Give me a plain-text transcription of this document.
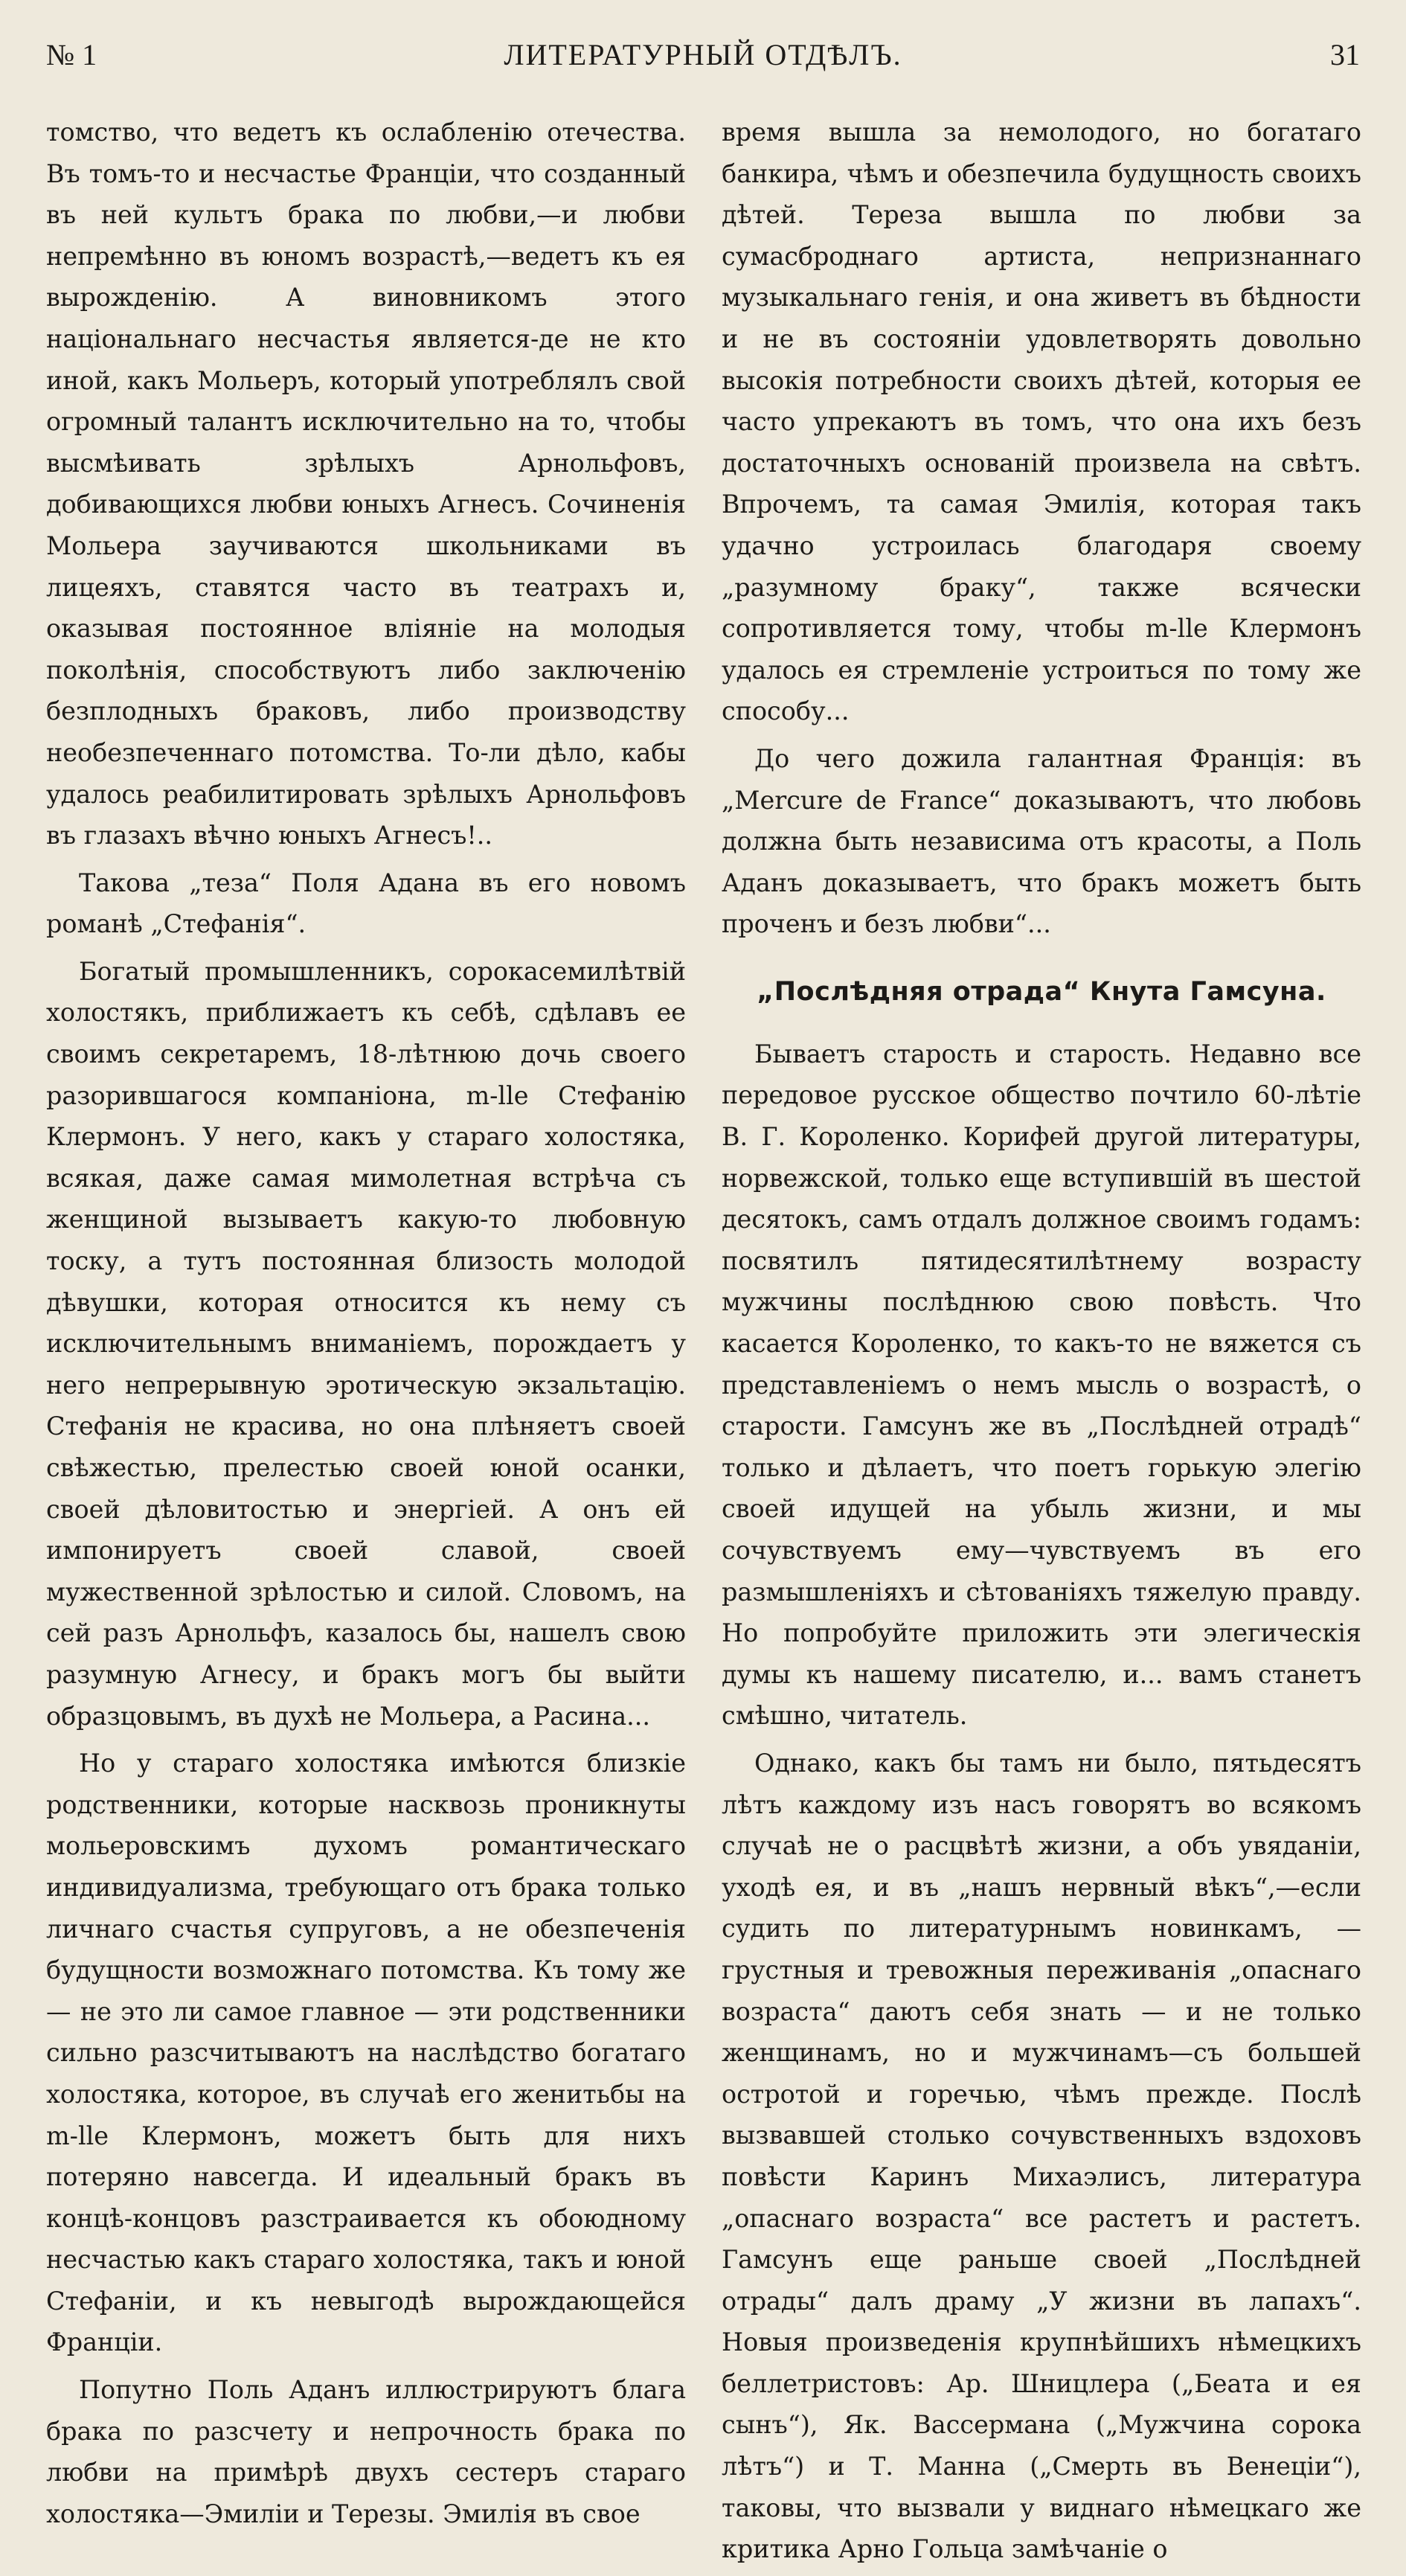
№ 1	ЛИТЕРАТУРНЫЙ ОТДѢЛЪ.	31

томство, что ведетъ къ ослабленію отечества. Въ томъ-то и несчастье Франціи, что созданный въ ней культъ брака по любви,—и любви непремѣнно въ юномъ возрастѣ,—ведетъ къ ея вырожденію. А виновникомъ этого національнаго несчастья является-де не кто иной, какъ Мольеръ, который употреблялъ свой огромный талантъ исключительно на то, чтобы высмѣивать зрѣлыхъ Арнольфовъ, добивающихся любви юныхъ Агнесъ. Сочиненія Мольера заучиваются школьниками въ лицеяхъ, ставятся часто въ театрахъ и, оказывая постоянное вліяніе на молодыя поколѣнія, способствуютъ либо заключенію безплодныхъ браковъ, либо производству необезпеченнаго потомства. То-ли дѣло, кабы удалось реабилитировать зрѣлыхъ Арнольфовъ въ глазахъ вѣчно юныхъ Агнесъ!..

Такова „теза“ Поля Адана въ его новомъ романѣ „Стефанія“.

Богатый промышленникъ, сорокасемилѣтвій холостякъ, приближаетъ къ себѣ, сдѣлавъ ее своимъ секретаремъ, 18-лѣтнюю дочь своего разорившагося компаніона, m-lle Стефанію Клермонъ. У него, какъ у стараго холостяка, всякая, даже самая мимолетная встрѣча съ женщиной вызываетъ какую-то любовную тоску, а тутъ постоянная близость молодой дѣвушки, которая относится къ нему съ исключительнымъ вниманіемъ, порождаетъ у него непрерывную эротическую экзальтацію. Стефанія не красива, но она плѣняетъ своей свѣжестью, прелестью своей юной осанки, своей дѣловитостью и энергіей. А онъ ей импонируетъ своей славой, своей мужественной зрѣлостью и силой. Словомъ, на сей разъ Арнольфъ, казалось бы, нашелъ свою разумную Агнесу, и бракъ могъ бы выйти образцовымъ, въ духѣ не Мольера, а Расина...

Но у стараго холостяка имѣются близкіе родственники, которые насквозь проникнуты мольеровскимъ духомъ романтическаго индивидуализма, требующаго отъ брака только личнаго счастья супруговъ, а не обезпеченія будущности возможнаго потомства. Къ тому же— не это ли самое главное — эти родственники сильно разсчитываютъ на наслѣдство богатаго холостяка, которое, въ случаѣ его женитьбы на m-lle Клермонъ, можетъ быть для нихъ потеряно навсегда. И идеальный бракъ въ концѣ-концовъ разстраивается къ обоюдному несчастью какъ стараго холостяка, такъ и юной Стефаніи, и къ невыгодѣ вырождающейся Франціи.

Попутно Поль Аданъ иллюстрируютъ блага брака по разсчету и непрочность брака по любви на примѣрѣ двухъ сестеръ стараго холостяка—Эмиліи и Терезы. Эмилія въ свое

время вышла за немолодого, но богатаго банкира, чѣмъ и обезпечила будущность своихъ дѣтей. Тереза вышла по любви за сумасброднаго артиста, непризнаннаго музыкальнаго генія, и она живетъ въ бѣдности и не въ состояніи удовлетворять довольно высокія потребности своихъ дѣтей, которыя ее часто упрекаютъ въ томъ, что она ихъ безъ достаточныхъ основаній произвела на свѣтъ. Впрочемъ, та самая Эмилія, которая такъ удачно устроилась благодаря своему „разумному браку“, также всячески сопротивляется тому, чтобы m-lle Клермонъ удалось ея стремленіе устроиться по тому же способу...

До чего дожила галантная Франція: въ „Mercure de France“ доказываютъ, что любовь должна быть независима отъ красоты, а Поль Аданъ доказываетъ, что бракъ можетъ быть проченъ и безъ любви“...

„Послѣдняя отрада“ Кнута Гамсуна.

Бываетъ старость и старость. Недавно все передовое русское общество почтило 60-лѣтіе В. Г. Короленко. Корифей другой литературы, норвежской, только еще вступившій въ шестой десятокъ, самъ отдалъ должное своимъ годамъ: посвятилъ пятидесятилѣтнему возрасту мужчины послѣднюю свою повѣсть. Что касается Короленко, то какъ-то не вяжется съ представленіемъ о немъ мысль о возрастѣ, о старости. Гамсунъ же въ „Послѣдней отрадѣ“ только и дѣлаетъ, что поетъ горькую элегію своей идущей на убыль жизни, и мы сочувствуемъ ему—чувствуемъ въ его размышленіяхъ и сѣтованіяхъ тяжелую правду. Но попробуйте приложить эти элегическія думы къ нашему писателю, и... вамъ станетъ смѣшно, читатель.

Однако, какъ бы тамъ ни было, пятьдесятъ лѣтъ каждому изъ насъ говорятъ во всякомъ случаѣ не о расцвѣтѣ жизни, а объ увяданіи, уходѣ ея, и въ „нашъ нервный вѣкъ“,—если судить по литературнымъ новинкамъ, — грустныя и тревожныя переживанія „опаснаго возраста“ даютъ себя знать — и не только женщинамъ, но и мужчинамъ—съ большей остротой и горечью, чѣмъ прежде. Послѣ вызвавшей столько сочувственныхъ вздоховъ повѣсти Каринъ Михаэлисъ, литература „опаснаго возраста“ все растетъ и растетъ. Гамсунъ еще раньше своей „Послѣдней отрады“ далъ драму „У жизни въ лапахъ“. Новыя произведенія крупнѣйшихъ нѣмецкихъ беллетристовъ: Ар. Шницлера („Беата и ея сынъ“), Як. Вассермана („Мужчина сорока лѣтъ“) и Т. Манна („Смерть въ Венеціи“), таковы, что вызвали у виднаго нѣмецкаго же критика Арно Гольца замѣчаніе о
